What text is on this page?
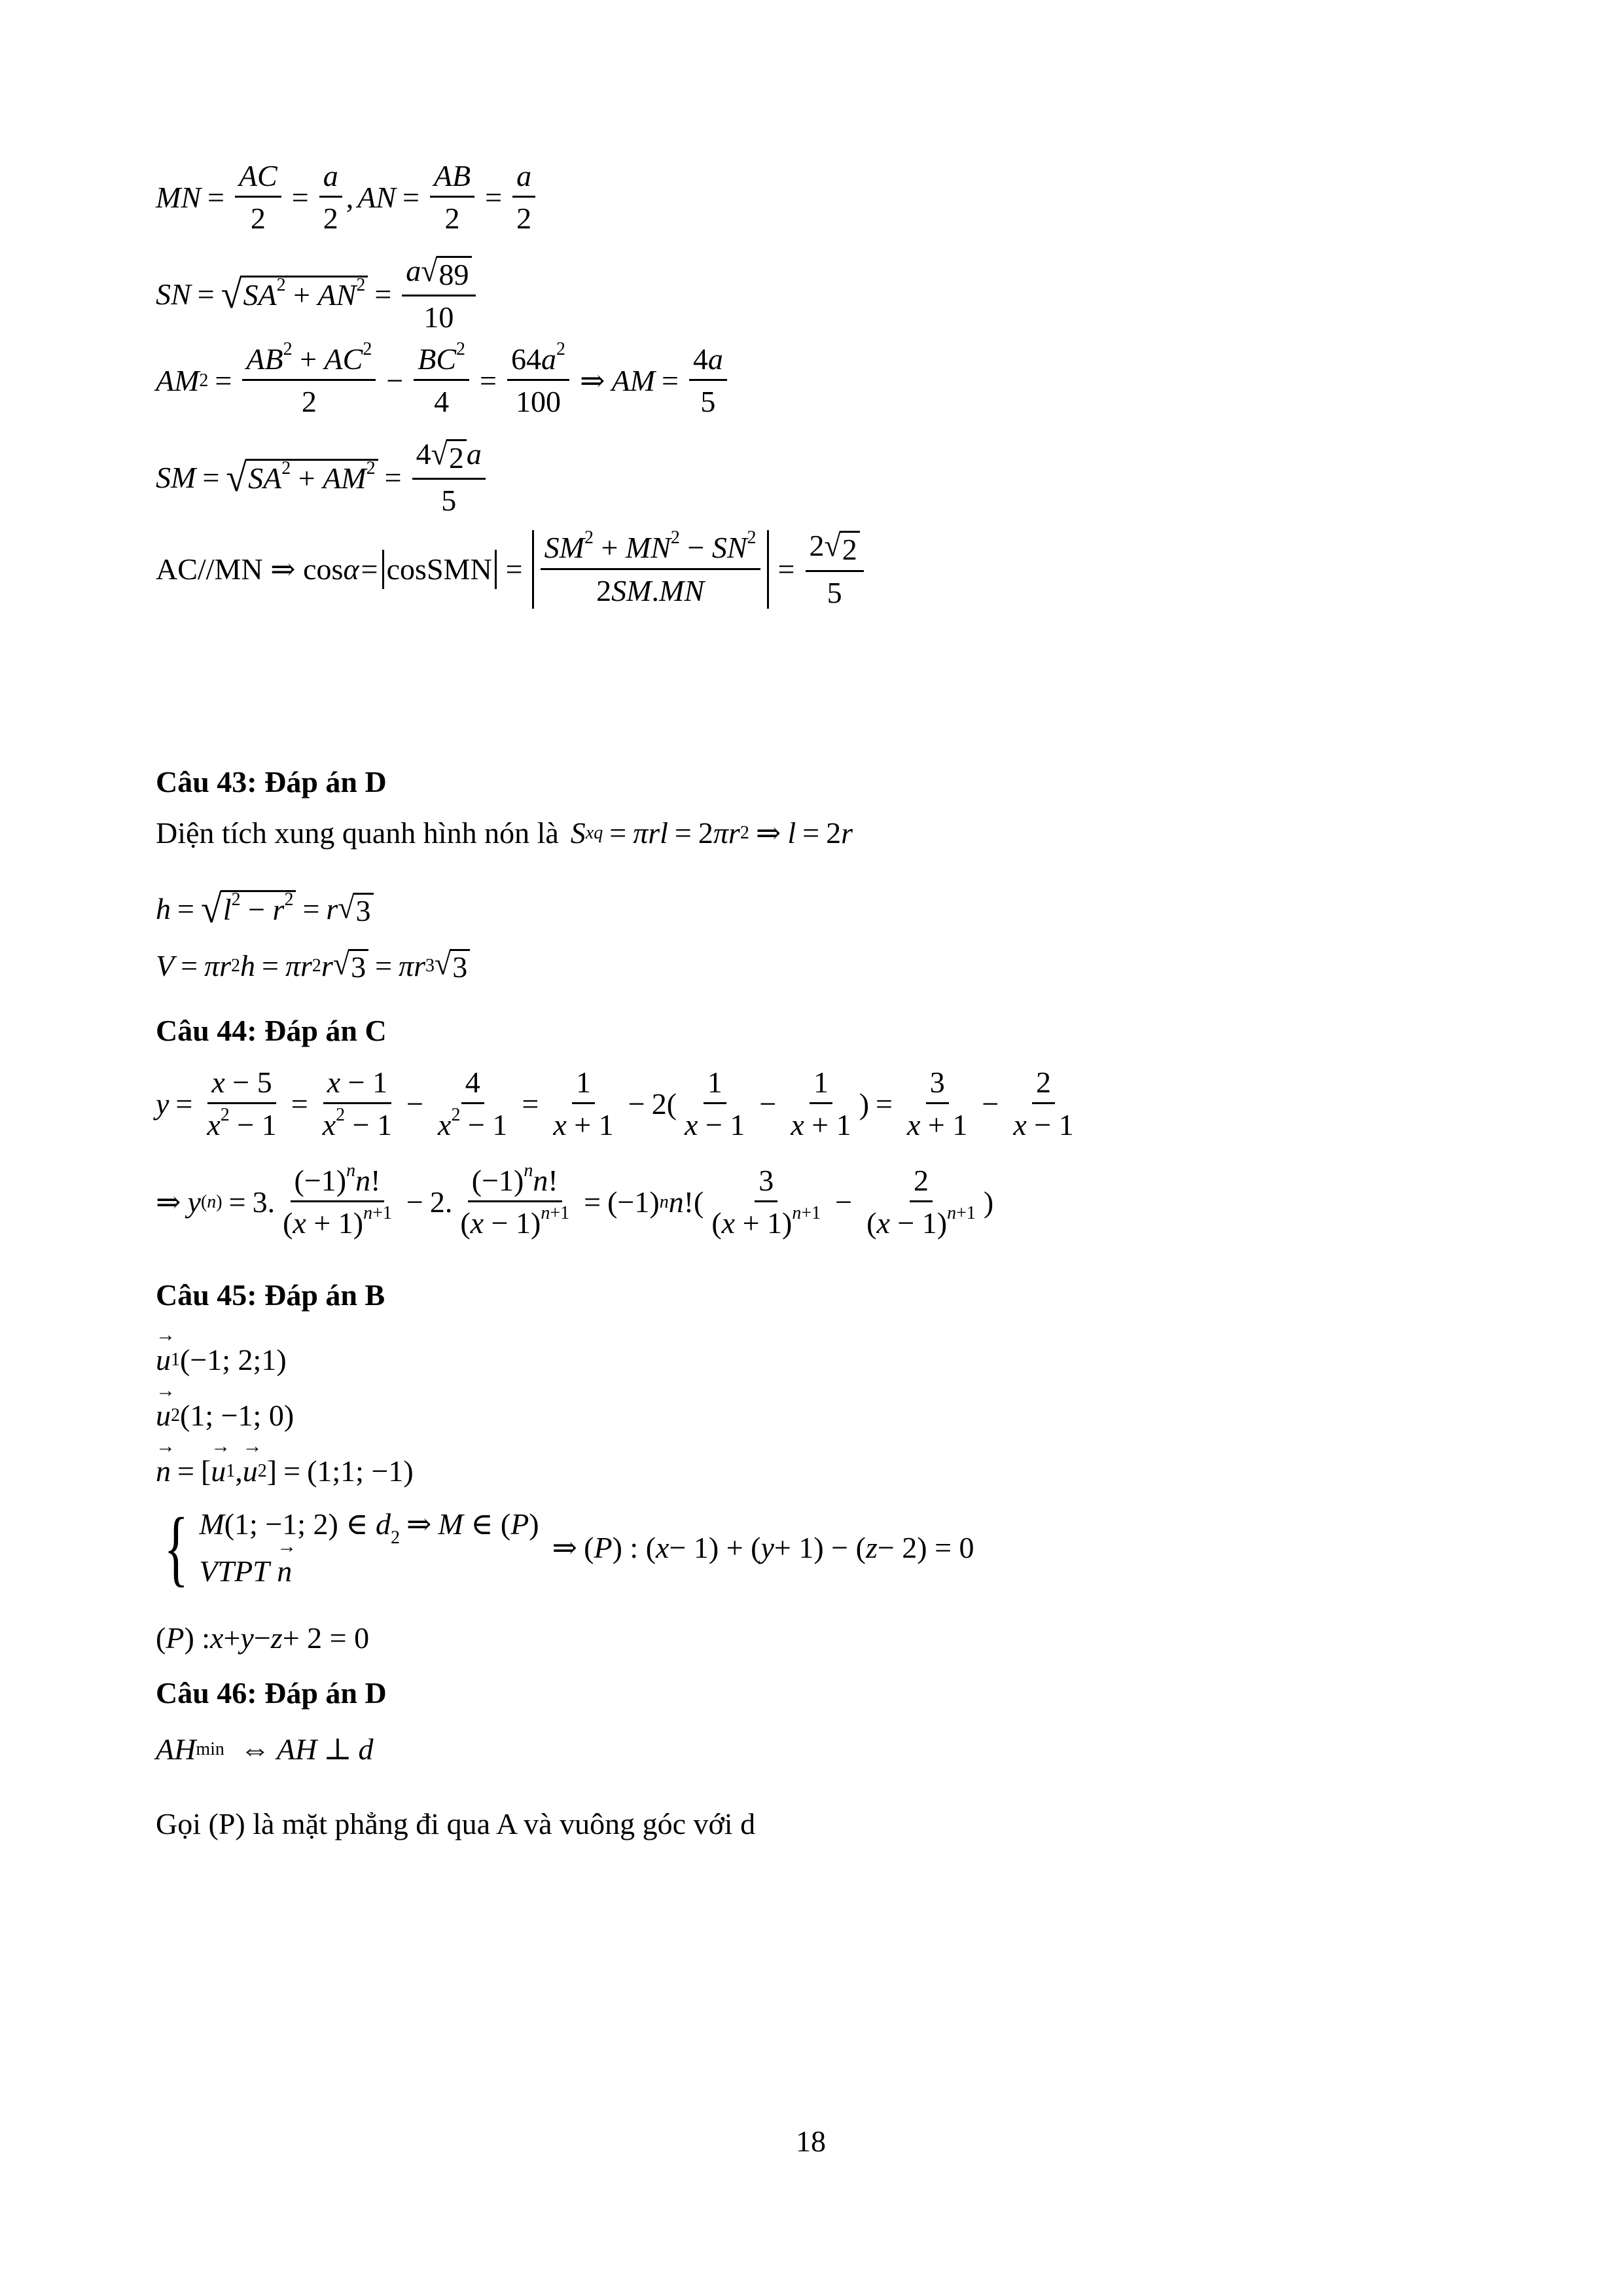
MN = $\frac{AC}{2} = \frac{a}{2}$ , AN = $\frac{AB}{2} = \frac{a}{2}$
SN = √ $SA^2 + AN^2 = \frac{a √ 89}{10}$
AM $2 = \frac{AB^2 + AC^2}{2} - \frac{BC^2}{4} = \frac{64a^2}{100}$ ⇒ AM = $\frac{4a}{5}$
SM = √ $SA^2 + AM^2 = \frac{4 √ 2 a}{5}$
AC//MN ⇒ cos α= cosSMN = $\frac{SM^2 + MN^2 - SN^2}{2SM.MN} = \frac{2 √ 2}{5}$
Câu 43: Đáp án D
Diện tích xung quanh hình nón là S xq = πrl = 2 πr 2 ⇒ l = 2 r
h = √ $l^2 - r^2 = r$ √ 3
V = πr 2 h = πr 2 r √ 3 = πr 3 √ 3
Câu 44: Đáp án C
$y = \frac{x - 5}{x^2 - 1} = \frac{x - 1}{x^2 - 1} - \frac{4}{x^2 - 1} = \frac{1}{x + 1} - 2( \frac{1}{x - 1} - \frac{1}{x + 1}$ ) = $\frac{3}{x + 1} - \frac{2}{x - 1}$
⇒ y (n) = 3. $\frac{(-1)^nn!}{(x + 1)^{n+1}} - 2$. $\frac{(-1)^nn!}{(x - 1)^{n+1}} = (-1)$ n n !( $\frac{3}{(x + 1)^{n+1}} - \frac{2}{(x - 1)^{n+1}}$ )
Câu 45: Đáp án B
→ u 1 (−1; 2;1)
→ u 2 (1; −1; 0)
→ n = [ → u 1 , → u 2 ] = (1;1; −1)
{ M(1; −1; 2) ∈ $d_2$ ⇒ M ∈ (P)
VTPT → n
⇒ ( P ) : ( x − 1) + ( y + 1) − ( z − 2) = 0
( P ) : x + y − z + 2 = 0
Câu 46: Đáp án D
AH min ⇔ AH ⊥ d
Gọi (P) là mặt phẳng đi qua A và vuông góc với d
18
